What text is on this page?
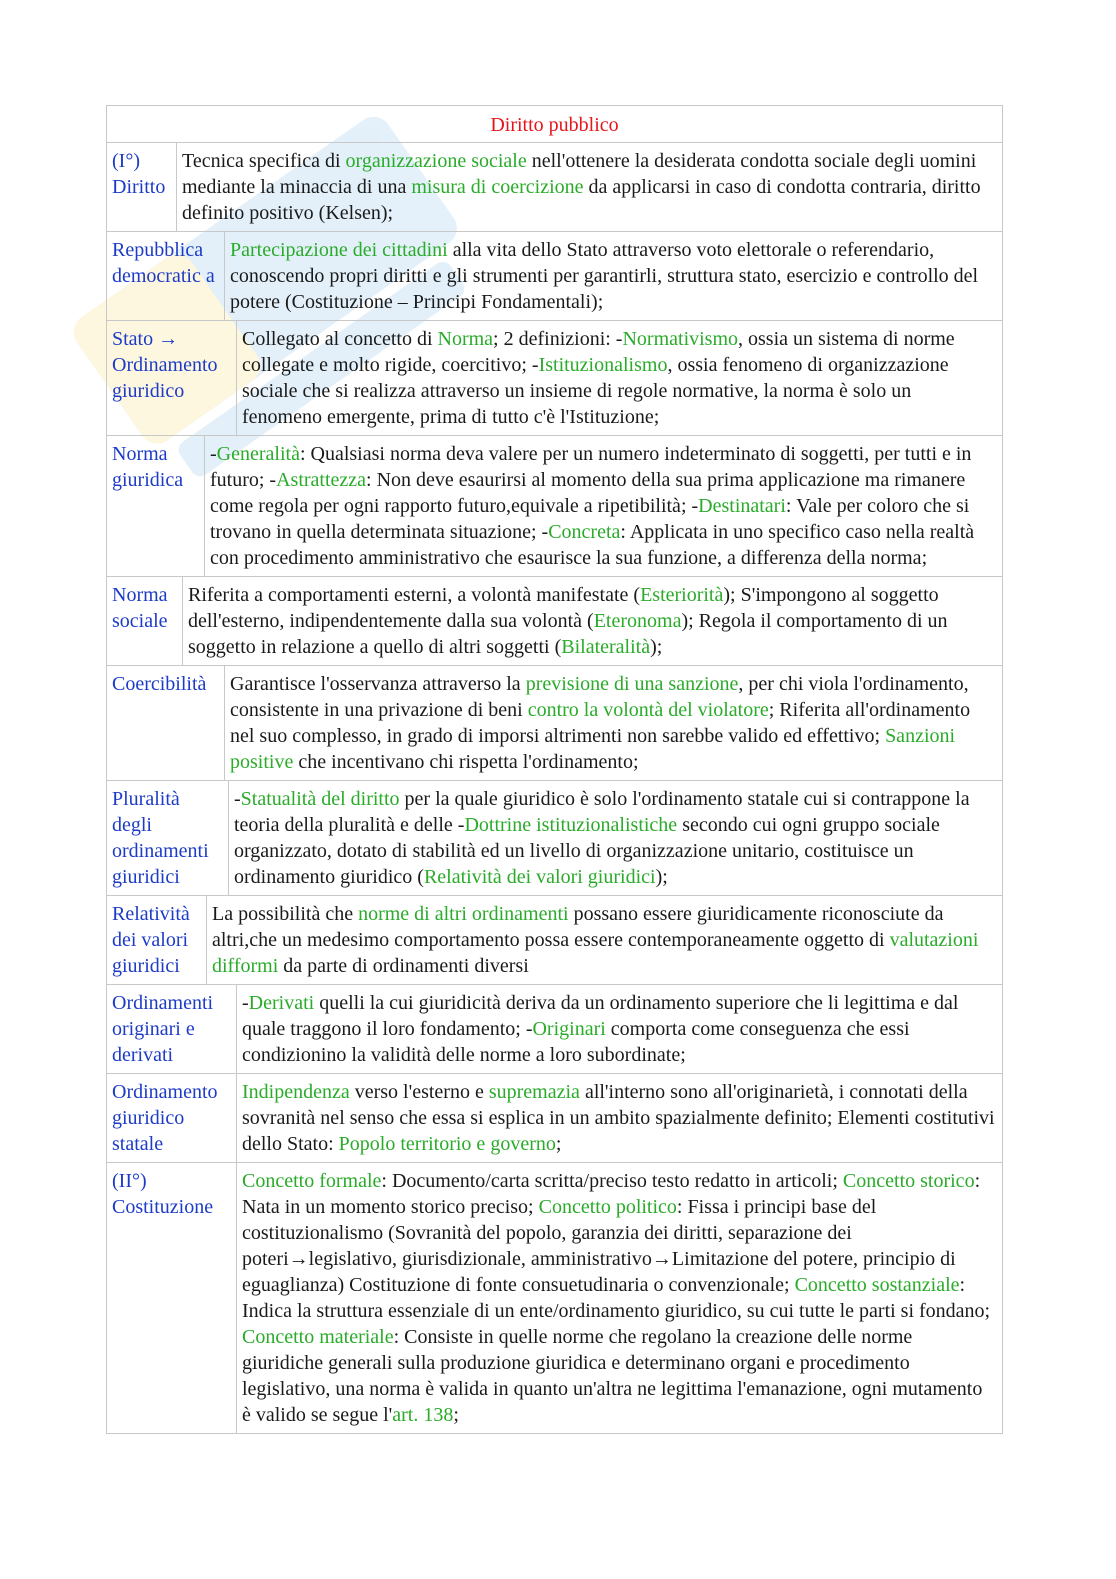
Diritto pubblico
(I°) Diritto
Tecnica specifica di organizzazione sociale nell'ottenere la desiderata condotta sociale degli uomini mediante la minaccia di una misura di coercizione da applicarsi in caso di condotta contraria, diritto definito positivo (Kelsen);
Repubblica democratic a
Partecipazione dei cittadini alla vita dello Stato attraverso voto elettorale o referendario, conoscendo propri diritti e gli strumenti per garantirli, struttura stato, esercizio e controllo del potere (Costituzione – Principi Fondamentali);
Stato → Ordinamento giuridico
Collegato al concetto di Norma; 2 definizioni: -Normativismo, ossia un sistema di norme collegate e molto rigide, coercitivo; -Istituzionalismo, ossia fenomeno di organizzazione sociale che si realizza attraverso un insieme di regole normative, la norma è solo un fenomeno emergente, prima di tutto c'è l'Istituzione;
Norma giuridica
-Generalità: Qualsiasi norma deva valere per un numero indeterminato di soggetti, per tutti e in futuro; -Astrattezza: Non deve esaurirsi al momento della sua prima applicazione ma rimanere come regola per ogni rapporto futuro,equivale a ripetibilità; -Destinatari: Vale per coloro che si trovano in quella determinata situazione; -Concreta: Applicata in uno specifico caso nella realtà con procedimento amministrativo che esaurisce la sua funzione, a differenza della norma;
Norma sociale
Riferita a comportamenti esterni, a volontà manifestate (Esteriorità); S'impongono al soggetto dell'esterno, indipendentemente dalla sua volontà (Eteronoma); Regola il comportamento di un soggetto in relazione a quello di altri soggetti (Bilateralità);
Coercibilità	Garantisce l'osservanza attraverso la previsione di una sanzione, per chi viola l'ordinamento, consistente in una privazione di beni contro la volontà del violatore; Riferita all'ordinamento nel suo complesso, in grado di imporsi altrimenti non sarebbe valido ed effettivo; Sanzioni positive che incentivano chi rispetta l'ordinamento;
Pluralità degli ordinamenti giuridici
-Statualità del diritto per la quale giuridico è solo l'ordinamento statale cui si contrappone la teoria della pluralità e delle -Dottrine istituzionalistiche secondo cui ogni gruppo sociale organizzato, dotato di stabilità ed un livello di organizzazione unitario, costituisce un ordinamento giuridico (Relatività dei valori giuridici);
Relatività dei valori giuridici
La possibilità che norme di altri ordinamenti possano essere giuridicamente riconosciute da altri,che un medesimo comportamento possa essere contemporaneamente oggetto di valutazioni difformi da parte di ordinamenti diversi
Ordinamenti originari e derivati
-Derivati quelli la cui giuridicità deriva da un ordinamento superiore che li legittima e dal quale traggono il loro fondamento; -Originari comporta come conseguenza che essi condizionino la validità delle norme a loro subordinate;
Ordinamento giuridico statale
Indipendenza verso l'esterno e supremazia all'interno sono all'originarietà, i connotati della sovranità nel senso che essa si esplica in un ambito spazialmente definito; Elementi costitutivi dello Stato: Popolo territorio e governo;
(II°) Costituzione
Concetto formale: Documento/carta scritta/preciso testo redatto in articoli; Concetto storico: Nata in un momento storico preciso; Concetto politico: Fissa i principi base del costituzionalismo (Sovranità del popolo, garanzia dei diritti, separazione dei poteri→legislativo, giurisdizionale, amministrativo→Limitazione del potere, principio di eguaglianza) Costituzione di fonte consuetudinaria o convenzionale; Concetto sostanziale: Indica la struttura essenziale di un ente/ordinamento giuridico, su cui tutte le parti si fondano; Concetto materiale: Consiste in quelle norme che regolano la creazione delle norme giuridiche generali sulla produzione giuridica e determinano organi e procedimento legislativo, una norma è valida in quanto un'altra ne legittima l'emanazione, ogni mutamento è valido se segue l'art. 138;
